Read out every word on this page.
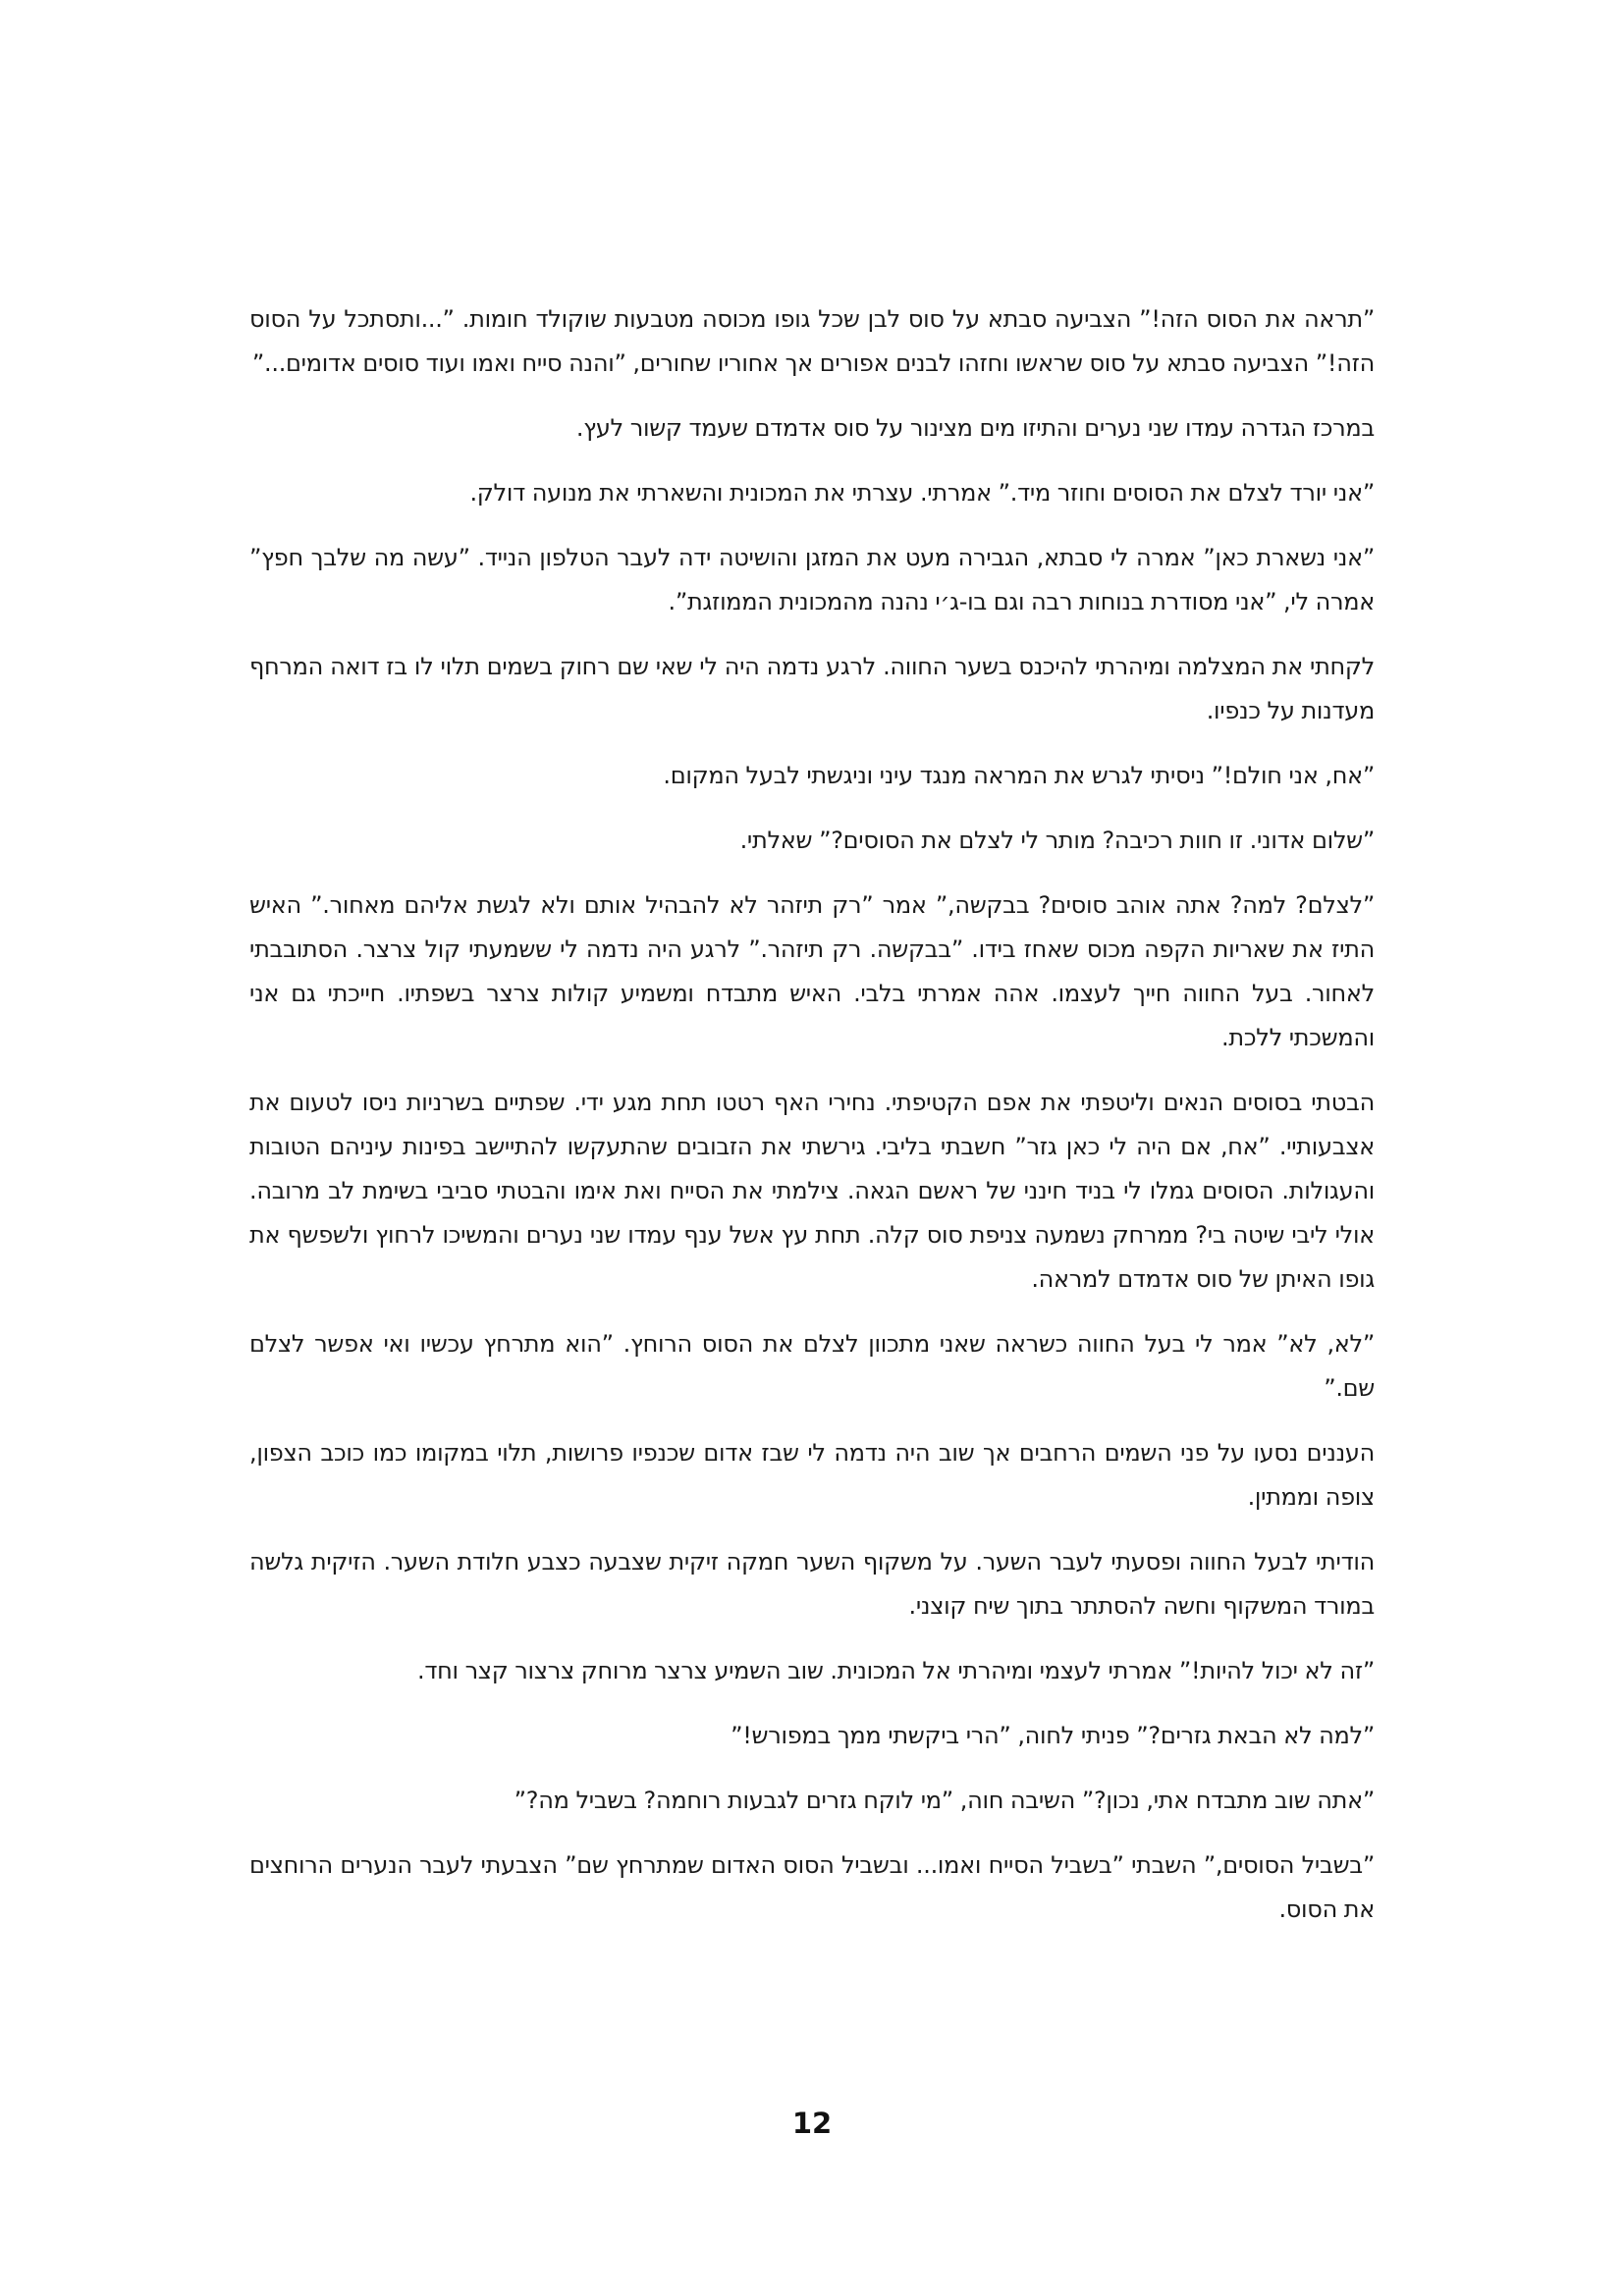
”תראה את הסוס הזה!” הצביעה סבתא על סוס לבן שכל גופו מכוסה מטבעות שוקולד חומות. ”...ותסתכל על הסוס הזה!” הצביעה סבתא על סוס שראשו וחזהו לבנים אפורים אך אחוריו שחורים, ”והנה סייח ואמו ועוד סוסים אדומים...”

במרכז הגדרה עמדו שני נערים והתיזו מים מצינור על סוס אדמדם שעמד קשור לעץ.

”אני יורד לצלם את הסוסים וחוזר מיד.” אמרתי. עצרתי את המכונית והשארתי את מנועה דולק.

”אני נשארת כאן” אמרה לי סבתא, הגבירה מעט את המזגן והושיטה ידה לעבר הטלפון הנייד. ”עשה מה שלבך חפץ” אמרה לי, ”אני מסודרת בנוחות רבה וגם בו-ג׳י נהנה מהמכונית הממוזגת”.

לקחתי את המצלמה ומיהרתי להיכנס בשער החווה. לרגע נדמה היה לי שאי שם רחוק בשמים תלוי לו בז דואה המרחף מעדנות על כנפיו.

”אח, אני חולם!” ניסיתי לגרש את המראה מנגד עיני וניגשתי לבעל המקום.

”שלום אדוני. זו חוות רכיבה? מותר לי לצלם את הסוסים?” שאלתי.

”לצלם? למה? אתה אוהב סוסים? בבקשה,” אמר ”רק תיזהר לא להבהיל אותם ולא לגשת אליהם מאחור.” האיש התיז את שאריות הקפה מכוס שאחז בידו. ”בבקשה. רק תיזהר.” לרגע היה נדמה לי ששמעתי קול צרצר. הסתובבתי לאחור. בעל החווה חייך לעצמו. אהה אמרתי בלבי. האיש מתבדח ומשמיע קולות צרצר בשפתיו. חייכתי גם אני והמשכתי ללכת.

הבטתי בסוסים הנאים וליטפתי את אפם הקטיפתי. נחירי האף רטטו תחת מגע ידי. שפתיים בשרניות ניסו לטעום את אצבעותיי. ”אח, אם היה לי כאן גזר” חשבתי בליבי. גירשתי את הזבובים שהתעקשו להתיישב בפינות עיניהם הטובות והעגולות. הסוסים גמלו לי בניד חינני של ראשם הגאה. צילמתי את הסייח ואת אימו והבטתי סביבי בשימת לב מרובה. אולי ליבי שיטה בי? ממרחק נשמעה צניפת סוס קלה. תחת עץ אשל ענף עמדו שני נערים והמשיכו לרחוץ ולשפשף את גופו האיתן של סוס אדמדם למראה.

”לא, לא” אמר לי בעל החווה כשראה שאני מתכוון לצלם את הסוס הרוחץ. ”הוא מתרחץ עכשיו ואי אפשר לצלם שם.”

העננים נסעו על פני השמים הרחבים אך שוב היה נדמה לי שבז אדום שכנפיו פרושות, תלוי במקומו כמו כוכב הצפון, צופה וממתין.

הודיתי לבעל החווה ופסעתי לעבר השער. על משקוף השער חמקה זיקית שצבעה כצבע חלודת השער. הזיקית גלשה במורד המשקוף וחשה להסתתר בתוך שיח קוצני.

”זה לא יכול להיות!” אמרתי לעצמי ומיהרתי אל המכונית. שוב השמיע צרצר מרוחק צרצור קצר וחד.

”למה לא הבאת גזרים?” פניתי לחוה, ”הרי ביקשתי ממך במפורש!”

”אתה שוב מתבדח אתי, נכון?” השיבה חוה, ”מי לוקח גזרים לגבעות רוחמה? בשביל מה?”

”בשביל הסוסים,” השבתי ”בשביל הסייח ואמו... ובשביל הסוס האדום שמתרחץ שם” הצבעתי לעבר הנערים הרוחצים את הסוס.

12
